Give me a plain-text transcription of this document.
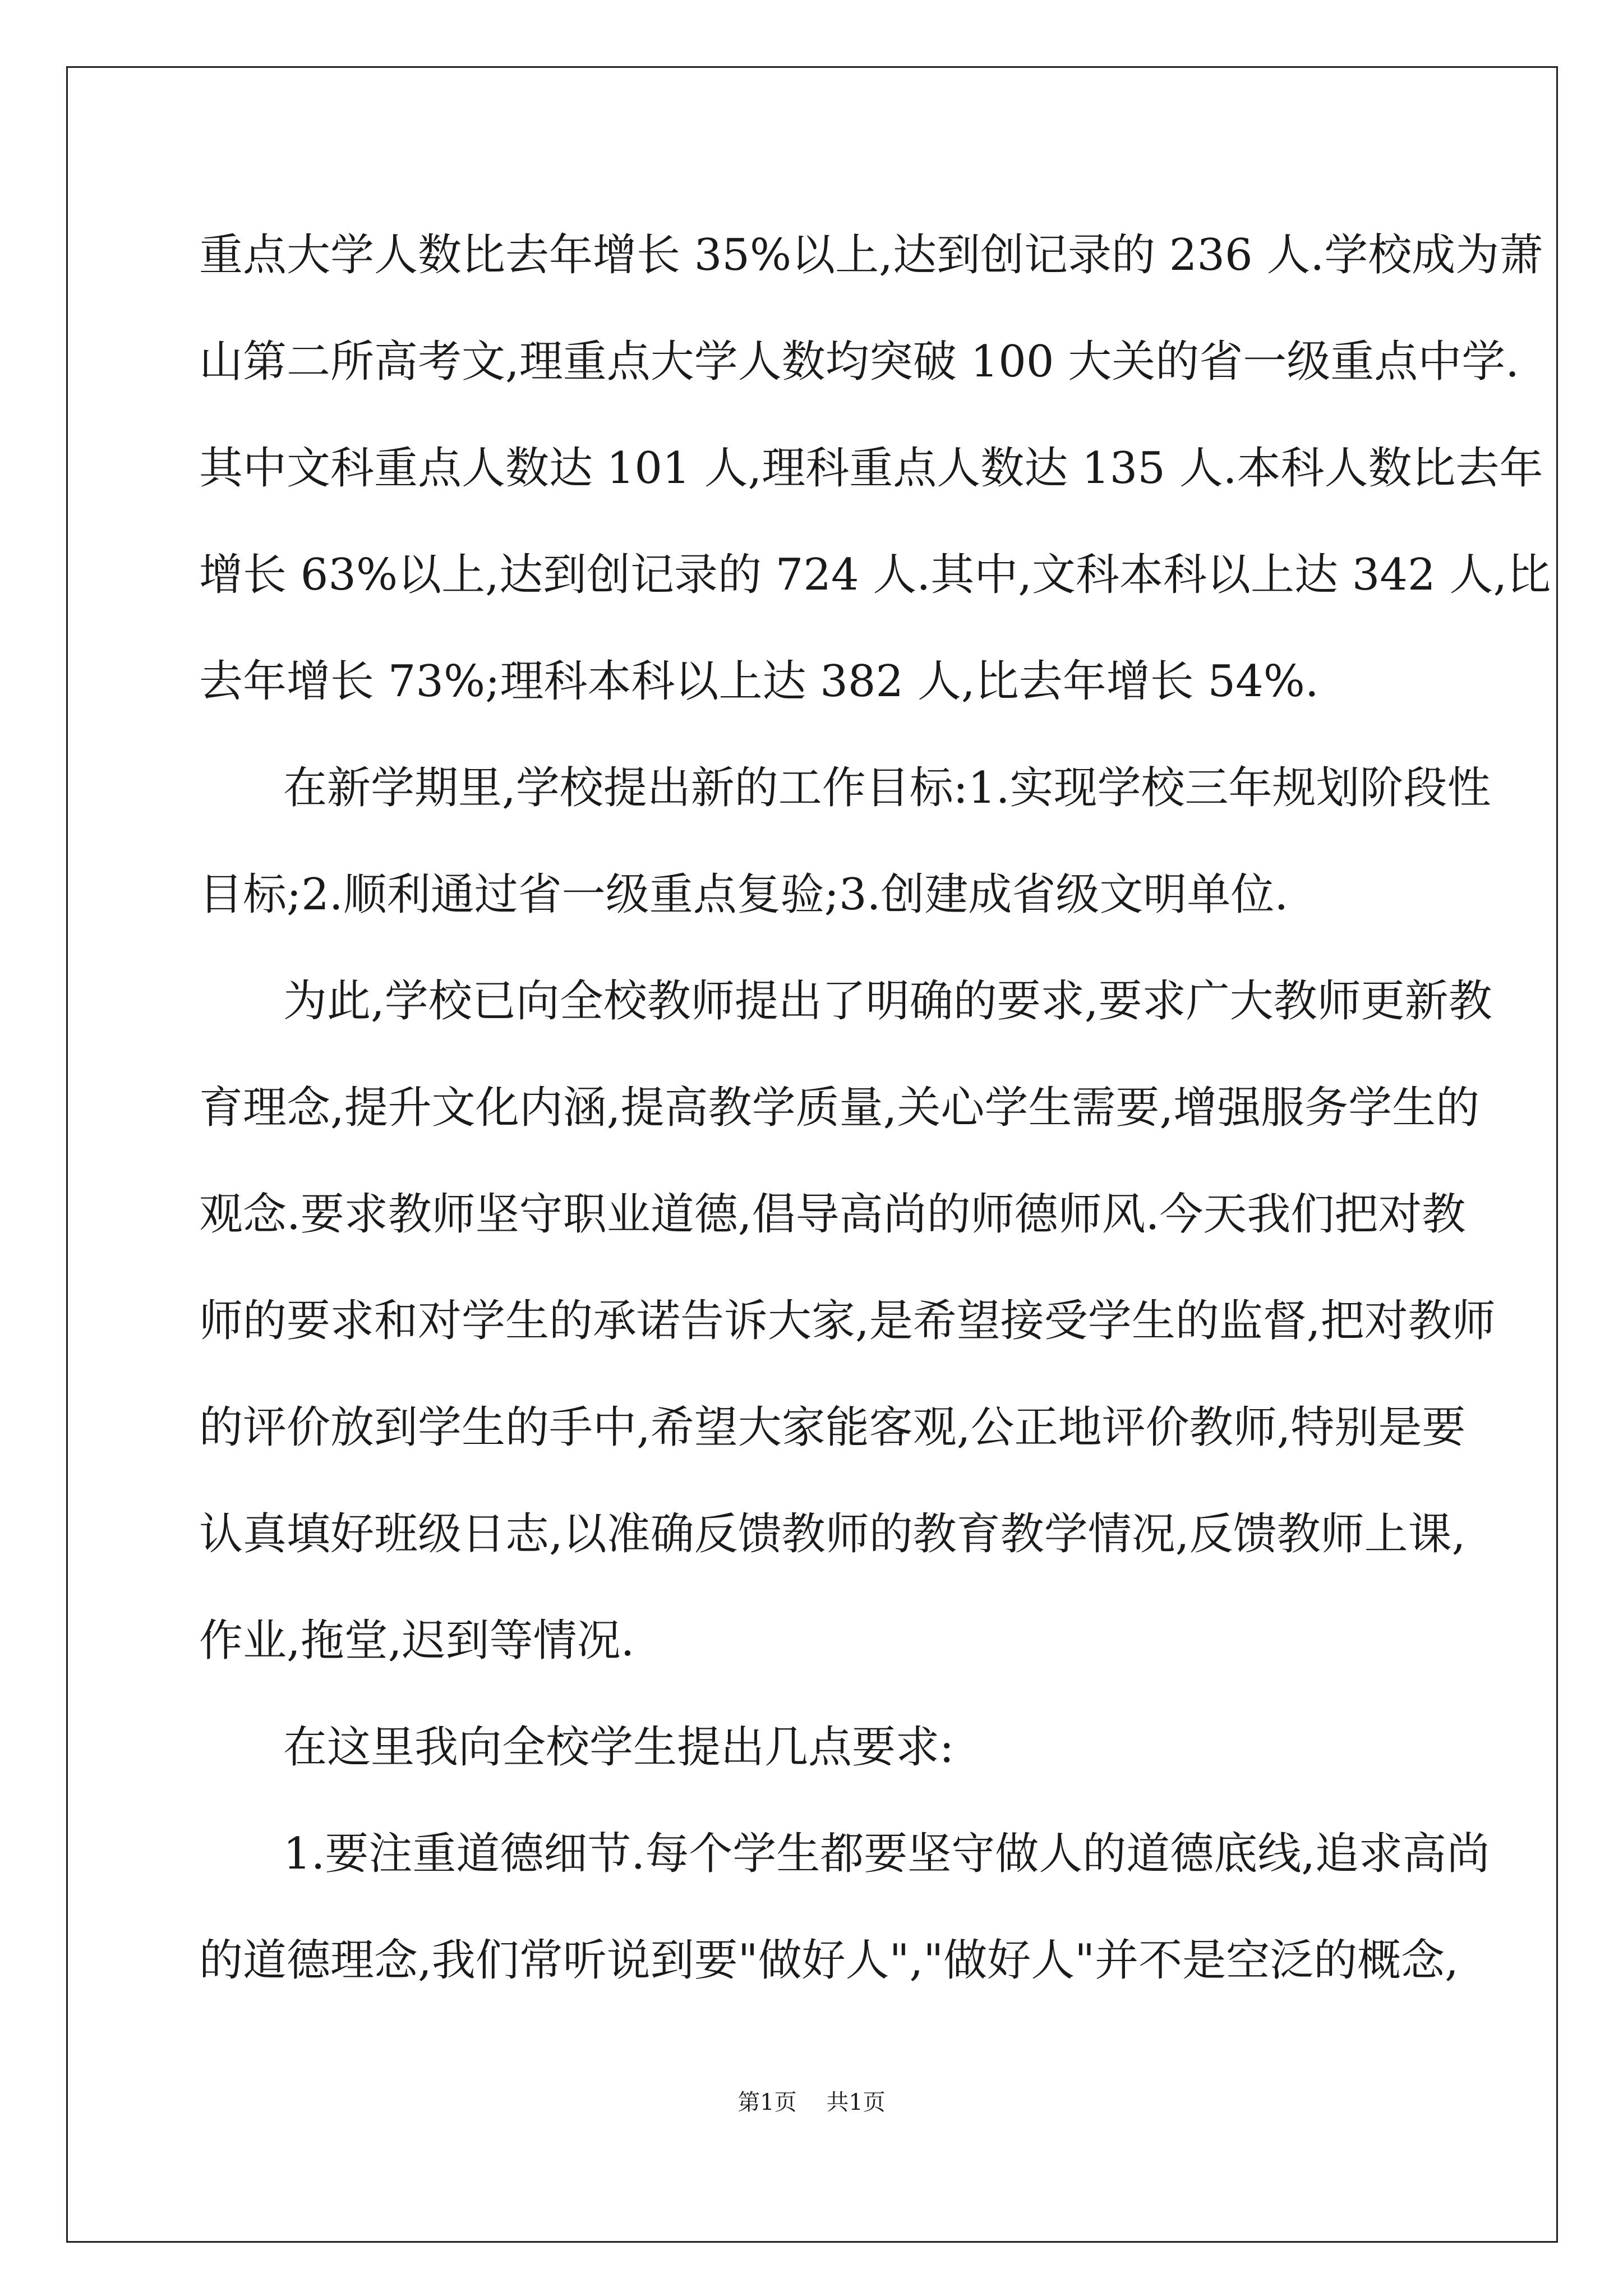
重点大学人数比去年增长 35%以上,达到创记录的 236 人.学校成为萧
山第二所高考文,理重点大学人数均突破 100 大关的省一级重点中学.
其中文科重点人数达 101 人,理科重点人数达 135 人.本科人数比去年
增长 63%以上,达到创记录的 724 人.其中,文科本科以上达 342 人,比
去年增长 73%;理科本科以上达 382 人,比去年增长 54%.
在新学期里,学校提出新的工作目标:1.实现学校三年规划阶段性
目标;2.顺利通过省一级重点复验;3.创建成省级文明单位.
为此,学校已向全校教师提出了明确的要求,要求广大教师更新教
育理念,提升文化内涵,提高教学质量,关心学生需要,增强服务学生的
观念.要求教师坚守职业道德,倡导高尚的师德师风.今天我们把对教
师的要求和对学生的承诺告诉大家,是希望接受学生的监督,把对教师
的评价放到学生的手中,希望大家能客观,公正地评价教师,特别是要
认真填好班级日志,以准确反馈教师的教育教学情况,反馈教师上课,
作业,拖堂,迟到等情况.
在这里我向全校学生提出几点要求:
1.要注重道德细节.每个学生都要坚守做人的道德底线,追求高尚
的道德理念,我们常听说到要"做好人","做好人"并不是空泛的概念,
第1页 共1页
